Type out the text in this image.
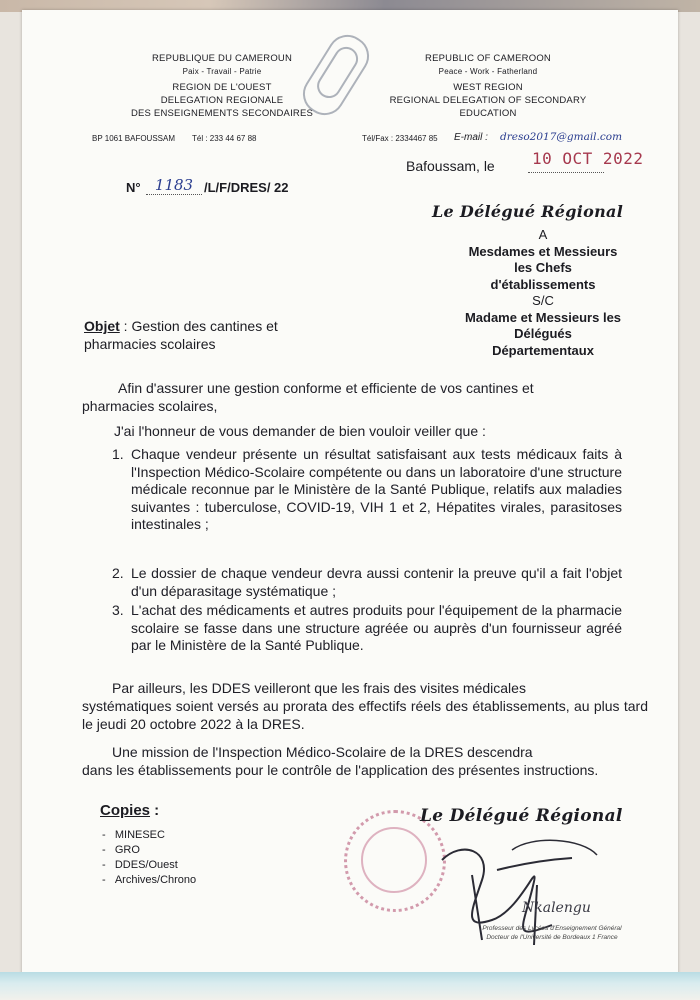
REPUBLIQUE DU CAMEROUN
Paix - Travail - Patrie
REGION DE L'OUEST
DELEGATION REGIONALE
DES ENSEIGNEMENTS SECONDAIRES
BP 1061 BAFOUSSAM Tél : 233 44 67 88
REPUBLIC OF CAMEROON
Peace - Work - Fatherland
WEST REGION
REGIONAL DELEGATION OF SECONDARY
EDUCATION
Tél/Fax : 2334467 85 E-mail : dreso2017@gmail.com
Bafoussam, le 10 OCT 2022
N° 1183 /L/F/DRES/ 22
Le Délégué Régional
A
Mesdames et Messieurs
les Chefs
d'établissements
S/C
Madame et Messieurs les
Délégués
Départementaux
Objet : Gestion des cantines et
pharmacies scolaires
Afin d'assurer une gestion conforme et efficiente de vos cantines et
pharmacies scolaires,
J'ai l'honneur de vous demander de bien vouloir veiller que :
1. Chaque vendeur présente un résultat satisfaisant aux tests médicaux faits à l'Inspection Médico-Scolaire compétente ou dans un laboratoire d'une structure médicale reconnue par le Ministère de la Santé Publique, relatifs aux maladies suivantes : tuberculose, COVID-19, VIH 1 et 2, Hépatites virales, parasitoses intestinales ;
2. Le dossier de chaque vendeur devra aussi contenir la preuve qu'il a fait l'objet d'un déparasitage systématique ;
3. L'achat des médicaments et autres produits pour l'équipement de la pharmacie scolaire se fasse dans une structure agréée ou auprès d'un fournisseur agréé par le Ministère de la Santé Publique.
Par ailleurs, les DDES veilleront que les frais des visites médicales
systématiques soient versés au prorata des effectifs réels des établissements, au plus tard le jeudi 20 octobre 2022 à la DRES.
Une mission de l'Inspection Médico-Scolaire de la DRES descendra
dans les établissements pour le contrôle de l'application des présentes instructions.
Copies :
-   MINESEC
-   GRO
-   DDES/Ouest
-   Archives/Chrono
Le Délégué Régional
Nkalengu
Professeur des Lycées d'Enseignement Général
Docteur de l'Université de Bordeaux 1 France
